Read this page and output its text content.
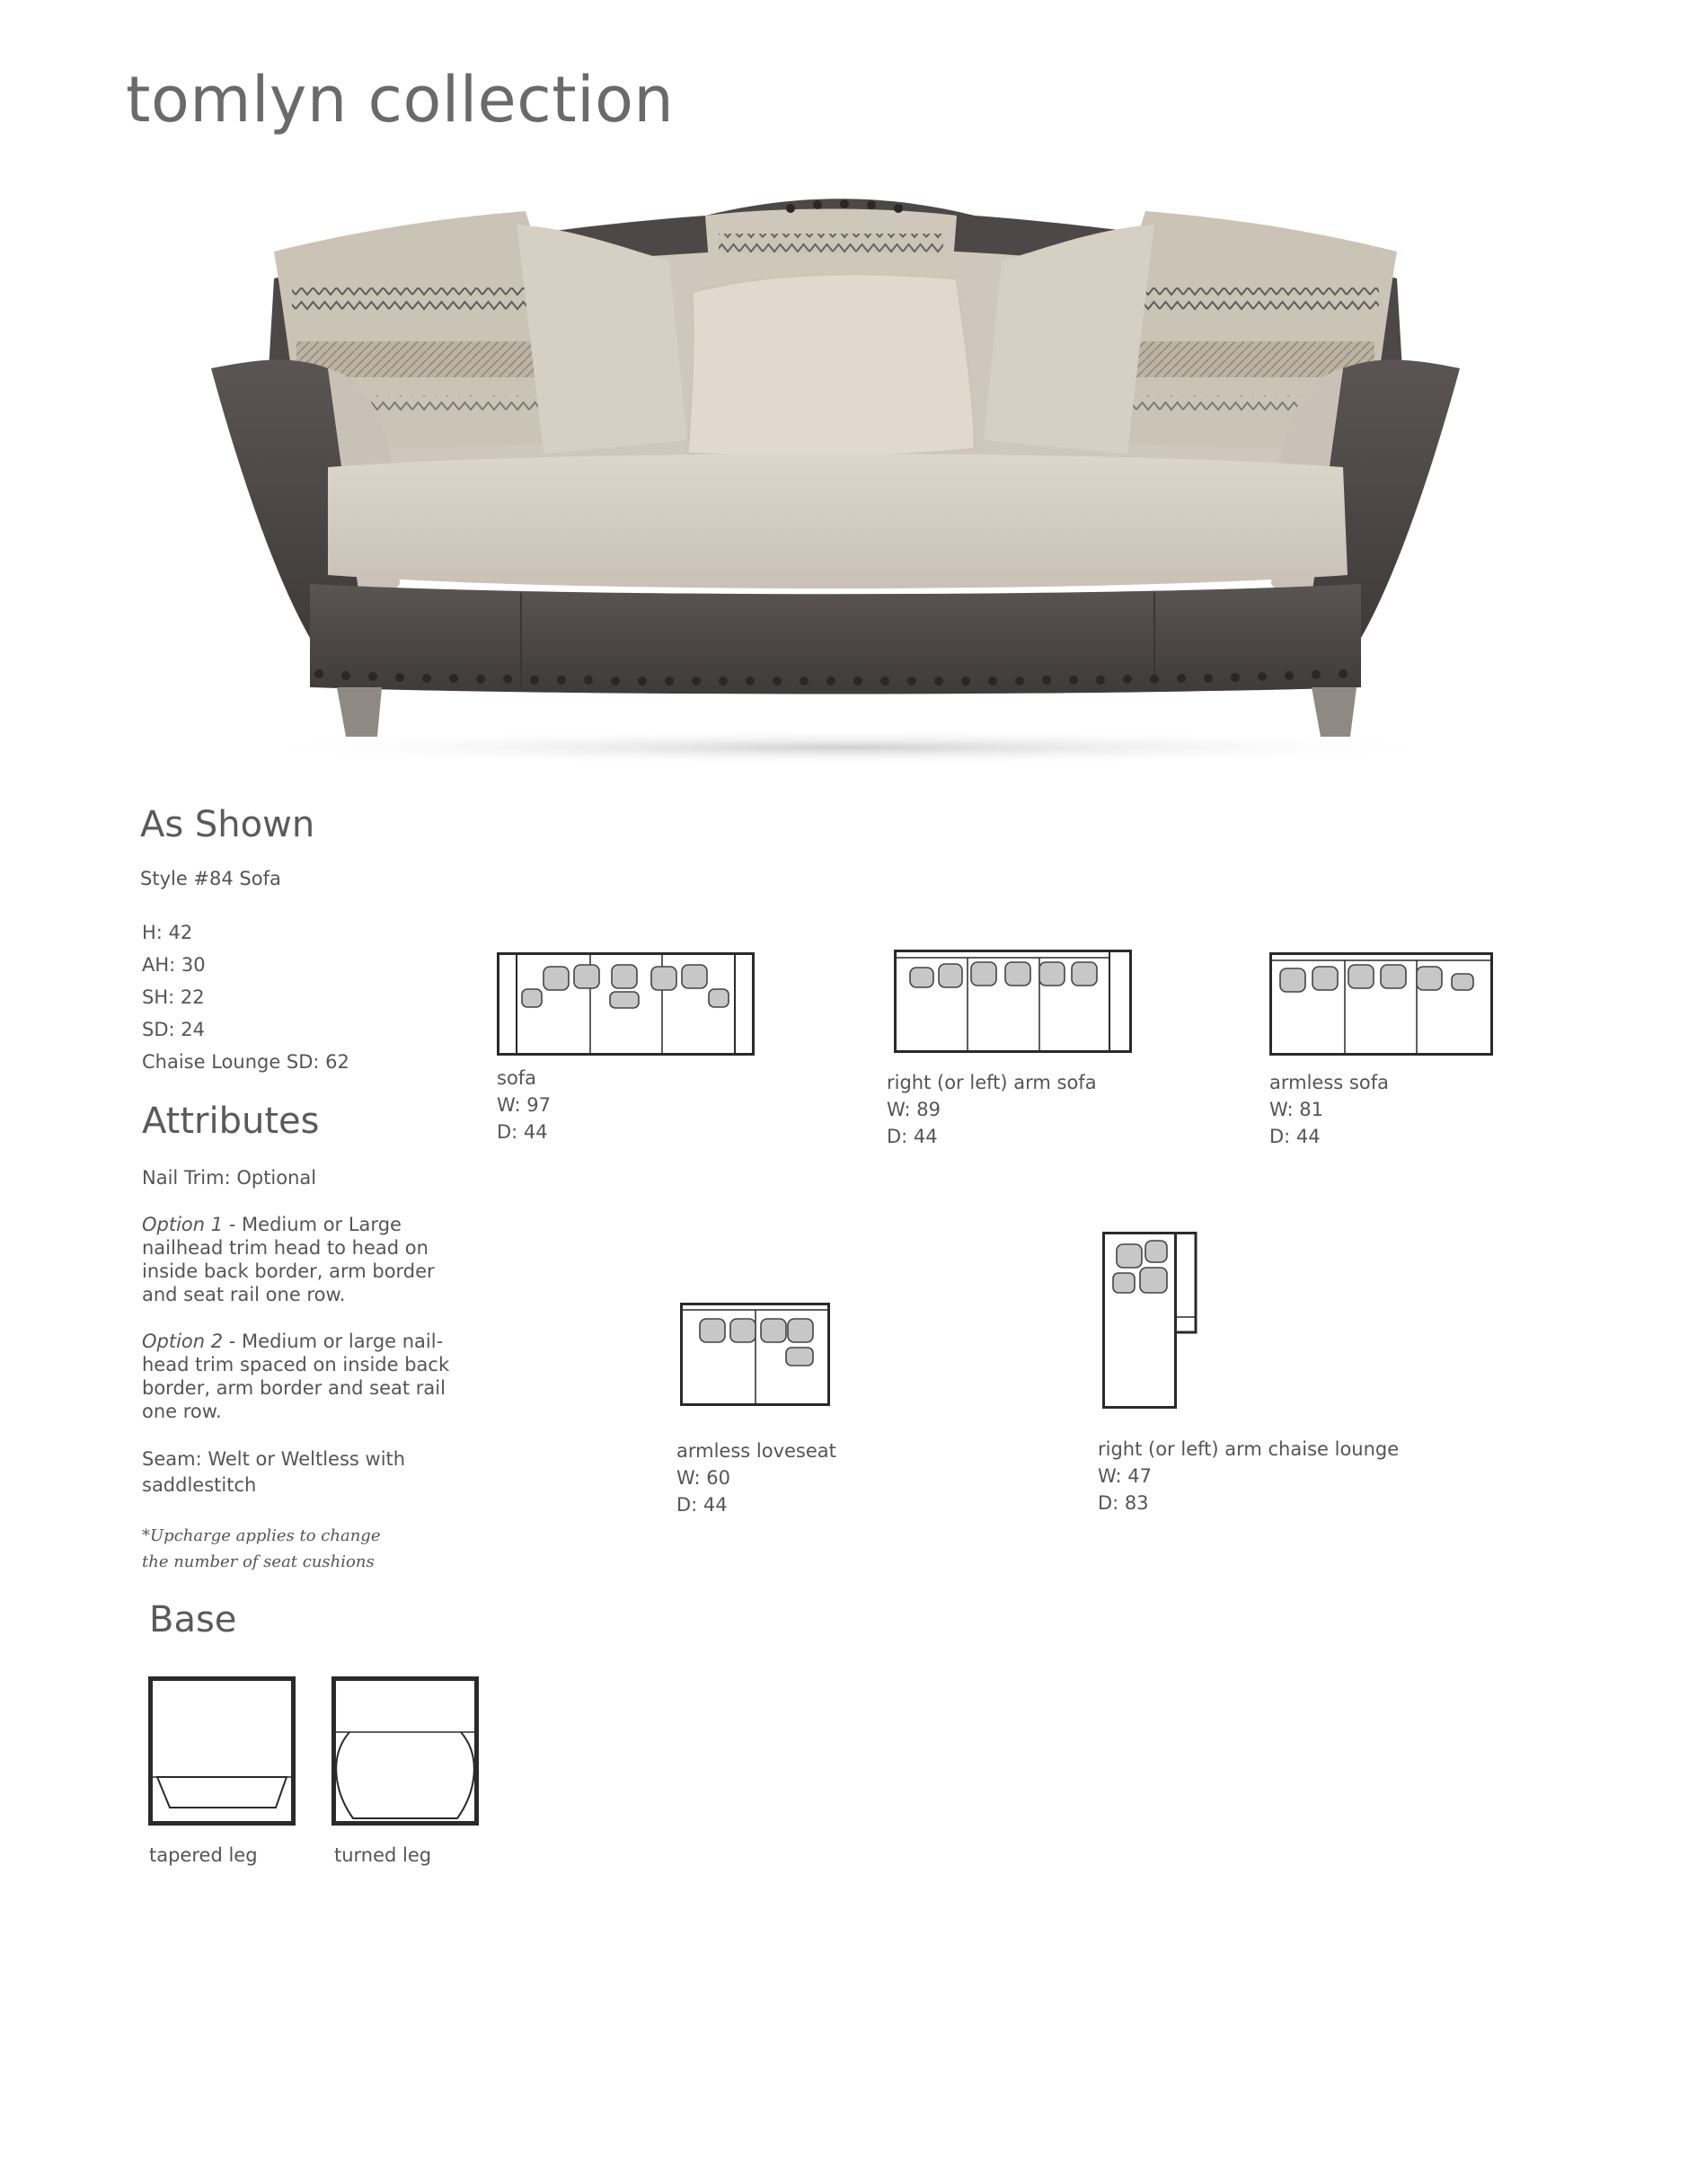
tomlyn collection
As Shown
Style #84 Sofa
H: 42
AH: 30
SH: 22
SD: 24
Chaise Lounge SD: 62
Attributes
Nail Trim: Optional
Option 1 - Medium or Large nailhead trim head to head on inside back border, arm border and seat rail one row.
Option 2 - Medium or large nail-head trim spaced on inside back border, arm border and seat rail one row.
Seam: Welt or Weltless with saddlestitch
*Upcharge applies to change the number of seat cushions
sofa
W: 97
D: 44
right (or left) arm sofa
W: 89
D: 44
armless sofa
W: 81
D: 44
armless loveseat
W: 60
D: 44
right (or left) arm chaise lounge
W: 47
D: 83
Base
tapered leg	turned leg
